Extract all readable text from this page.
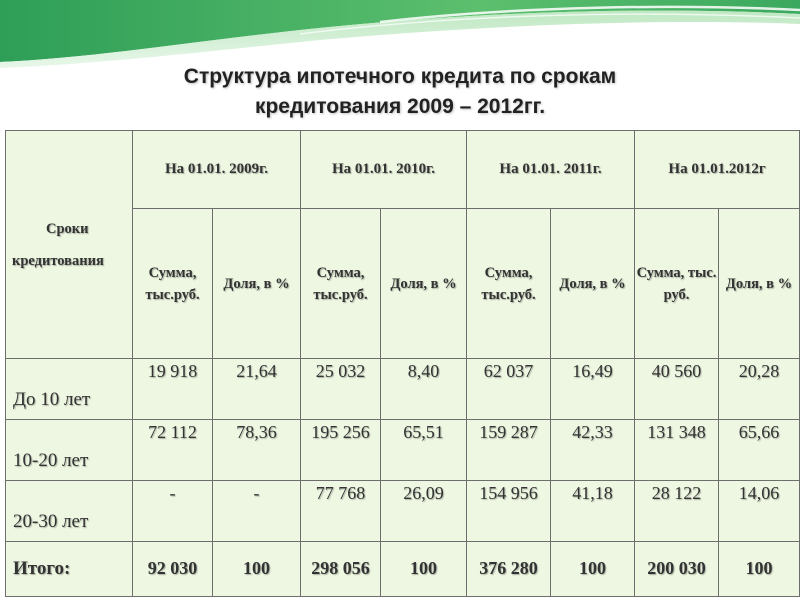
Структура ипотечного кредита по срокам
кредитования 2009 – 2012гг.
Сроки
кредитования	На 01.01. 2009г.		На 01.01. 2010г.		На 01.01. 2011г.		На 01.01.2012г	
	Сумма, тыс.руб.	Доля, в %	Сумма, тыс.руб.	Доля, в %	Сумма, тыс.руб.	Доля, в %	Сумма, тыс. руб.	Доля, в %
До 10 лет	19 918	21,64	25 032	8,40	62 037	16,49	40 560	20,28
10-20 лет	72 112	78,36	195 256	65,51	159 287	42,33	131 348	65,66
20-30 лет	-	-	77 768	26,09	154 956	41,18	28 122	14,06
Итого:	92 030	100	298 056	100	376 280	100	200 030	100
